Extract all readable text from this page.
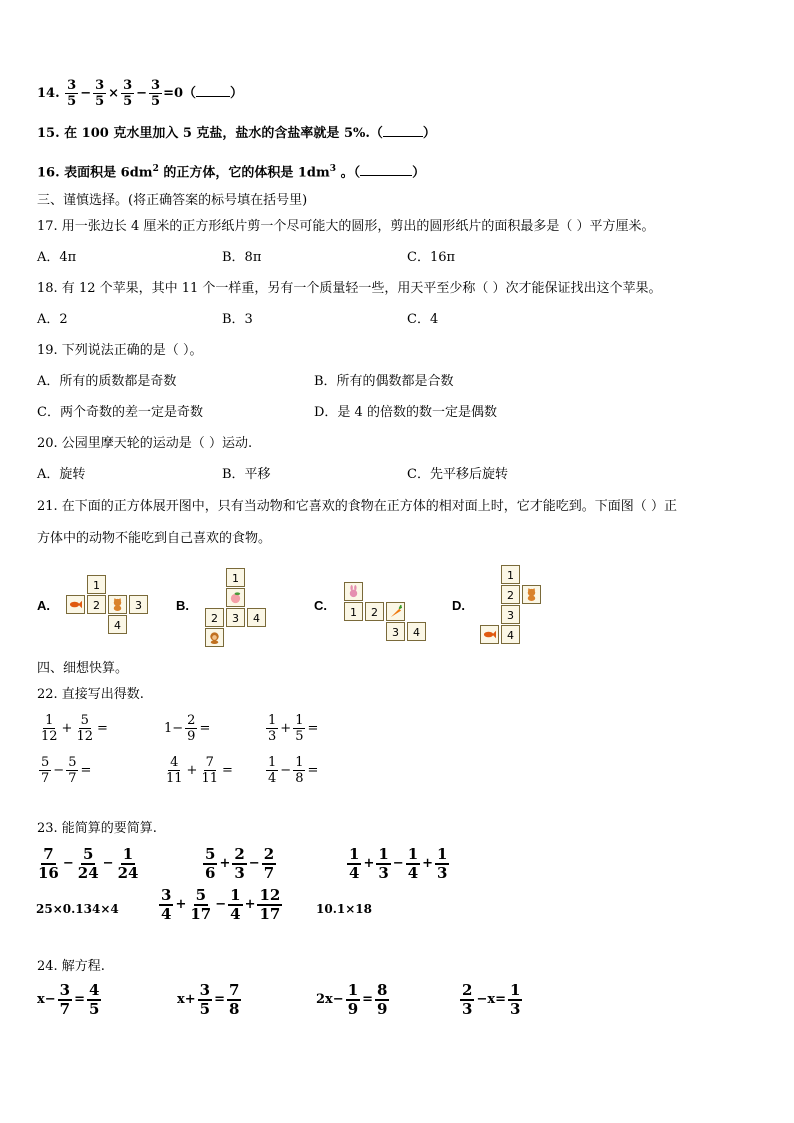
14. $\frac{3}{5} - \frac{3}{5} \times \frac{3}{5} - \frac{3}{5} =0$（	）
15. 在 100 克水里加入 5 克盐，盐水的含盐率就是 5%.（	）
16. 表面积是 $6dm^2$ 的正方体，它的体积是 $1dm^3$ 。（	）
三、谨慎选择。(将正确答案的标号填在括号里)
17. 用一张边长 4 厘米的正方形纸片剪一个尽可能大的圆形，剪出的圆形纸片的面积最多是（ ）平方厘米。
A．4π	B．8π	C．16π
18. 有 12 个苹果，其中 11 个一样重，另有一个质量轻一些，用天平至少称（ ）次才能保证找出这个苹果。
A．2	B．3	C．4
19. 下列说法正确的是（ ）。
A．所有的质数都是奇数	B．所有的偶数都是合数
C．两个奇数的差一定是奇数	D．是 4 的倍数的数一定是偶数
20. 公园里摩天轮的运动是（ ）运动.
A．旋转	B．平移	C．先平移后旋转
21. 在下面的正方体展开图中，只有当动物和它喜欢的食物在正方体的相对面上时，它才能吃到。下面图（ ）正
方体中的动物不能吃到自己喜欢的食物。
A.
1
2	3
4
B.
1
2	3	4
C.	1	2
3	4
D.
1
2
3
4
四、细想快算。
22. 直接写出得数.
$\frac{1}{12} + \frac{5}{12}$ =	$1- \frac{2}{9}$ =	$\frac{1}{3} + \frac{1}{5}$ =
$\frac{5}{7} - \frac{5}{7}$ =	$\frac{4}{11} + \frac{7}{11}$ =	$\frac{1}{4} - \frac{1}{8}$ =
23. 能简算的要简算.
$\frac{7}{16} - \frac{5}{24} - \frac{1}{24}$	$\frac{5}{6} + \frac{2}{3} - \frac{2}{7}$	$\frac{1}{4} + \frac{1}{3} - \frac{1}{4} + \frac{1}{3}$
25×0.134×4	$\frac{3}{4} + \frac{5}{17} - \frac{1}{4} + \frac{12}{17}$	10.1×18
24. 解方程.
$x- \frac{3}{7} = \frac{4}{5}$	$x+ \frac{3}{5} = \frac{7}{8}$	$2x- \frac{1}{9} = \frac{8}{9}$	$\frac{2}{3} -x= \frac{1}{3}$
